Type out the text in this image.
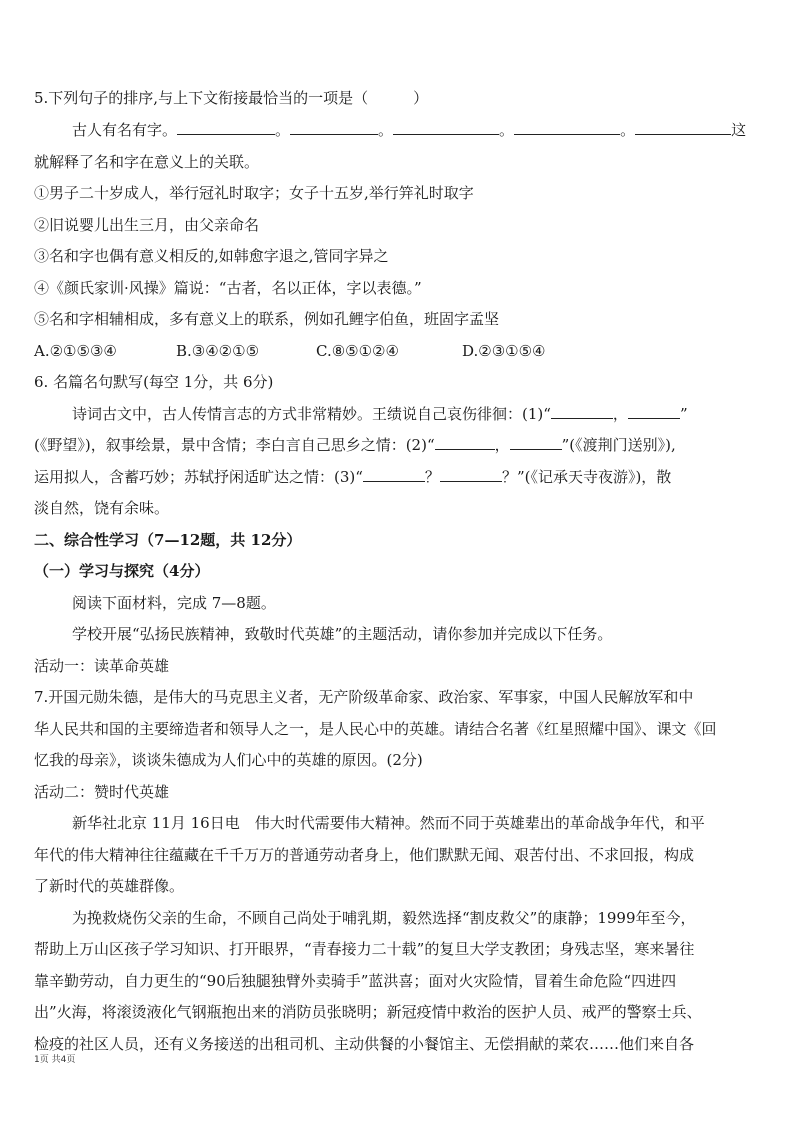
5.下列句子的排序,与上下文衔接最恰当的一项是（　　　）
古人有名有字。	。	。	。	。	这
就解释了名和字在意义上的关联。
①男子二十岁成人，举行冠礼时取字；女子十五岁,举行笄礼时取字
②旧说婴儿出生三月，由父亲命名
③名和字也偶有意义相反的,如韩愈字退之,管同字异之
④《颜氏家训·风操》篇说：“古者，名以正体，字以表德。”
⑤名和字相辅相成，多有意义上的联系，例如孔鲤字伯鱼，班固字孟坚
A.②①⑤③④	B.③④②①⑤	C.⑧⑤①②④	D.②③①⑤④
6. 名篇名句默写(每空 1分，共 6分)
诗词古文中，古人传情言志的方式非常精妙。王绩说自己哀伤徘徊：(1)“	，	”
(《野望》)，叙事绘景，景中含情；李白言自己思乡之情：(2)“	，	”(《渡荆门送别》),
运用拟人，含蓄巧妙；苏轼抒闲适旷达之情：(3)“	？	？”(《记承天寺夜游》)，散
淡自然，饶有余味。
二、综合性学习（7—12题，共 12分）
（一）学习与探究（4分）
阅读下面材料，完成 7—8题。
学校开展“弘扬民族精神，致敬时代英雄”的主题活动，请你参加并完成以下任务。
活动一：读革命英雄
7.开国元勋朱德，是伟大的马克思主义者，无产阶级革命家、政治家、军事家，中国人民解放军和中
华人民共和国的主要缔造者和领导人之一，是人民心中的英雄。请结合名著《红星照耀中国》、课文《回
忆我的母亲》，谈谈朱德成为人们心中的英雄的原因。(2分)
活动二：赞时代英雄
新华社北京 11月 16日电　伟大时代需要伟大精神。然而不同于英雄辈出的革命战争年代，和平
年代的伟大精神往往蕴藏在千千万万的普通劳动者身上，他们默默无闻、艰苦付出、不求回报，构成
了新时代的英雄群像。
为挽救烧伤父亲的生命，不顾自己尚处于哺乳期，毅然选择“割皮救父”的康静；1999年至今，
帮助上万山区孩子学习知识、打开眼界，“青春接力二十载”的复旦大学支教团；身残志坚，寒来暑往
靠辛勤劳动，自力更生的“90后独腿独臂外卖骑手”蓝洪喜；面对火灾险情，冒着生命危险“四进四
出”火海，将滚烫液化气钢瓶抱出来的消防员张晓明；新冠疫情中救治的医护人员、戒严的警察士兵、
检疫的社区人员，还有义务接送的出租司机、主动供餐的小餐馆主、无偿捐献的菜农……他们来自各
1页 共4页
